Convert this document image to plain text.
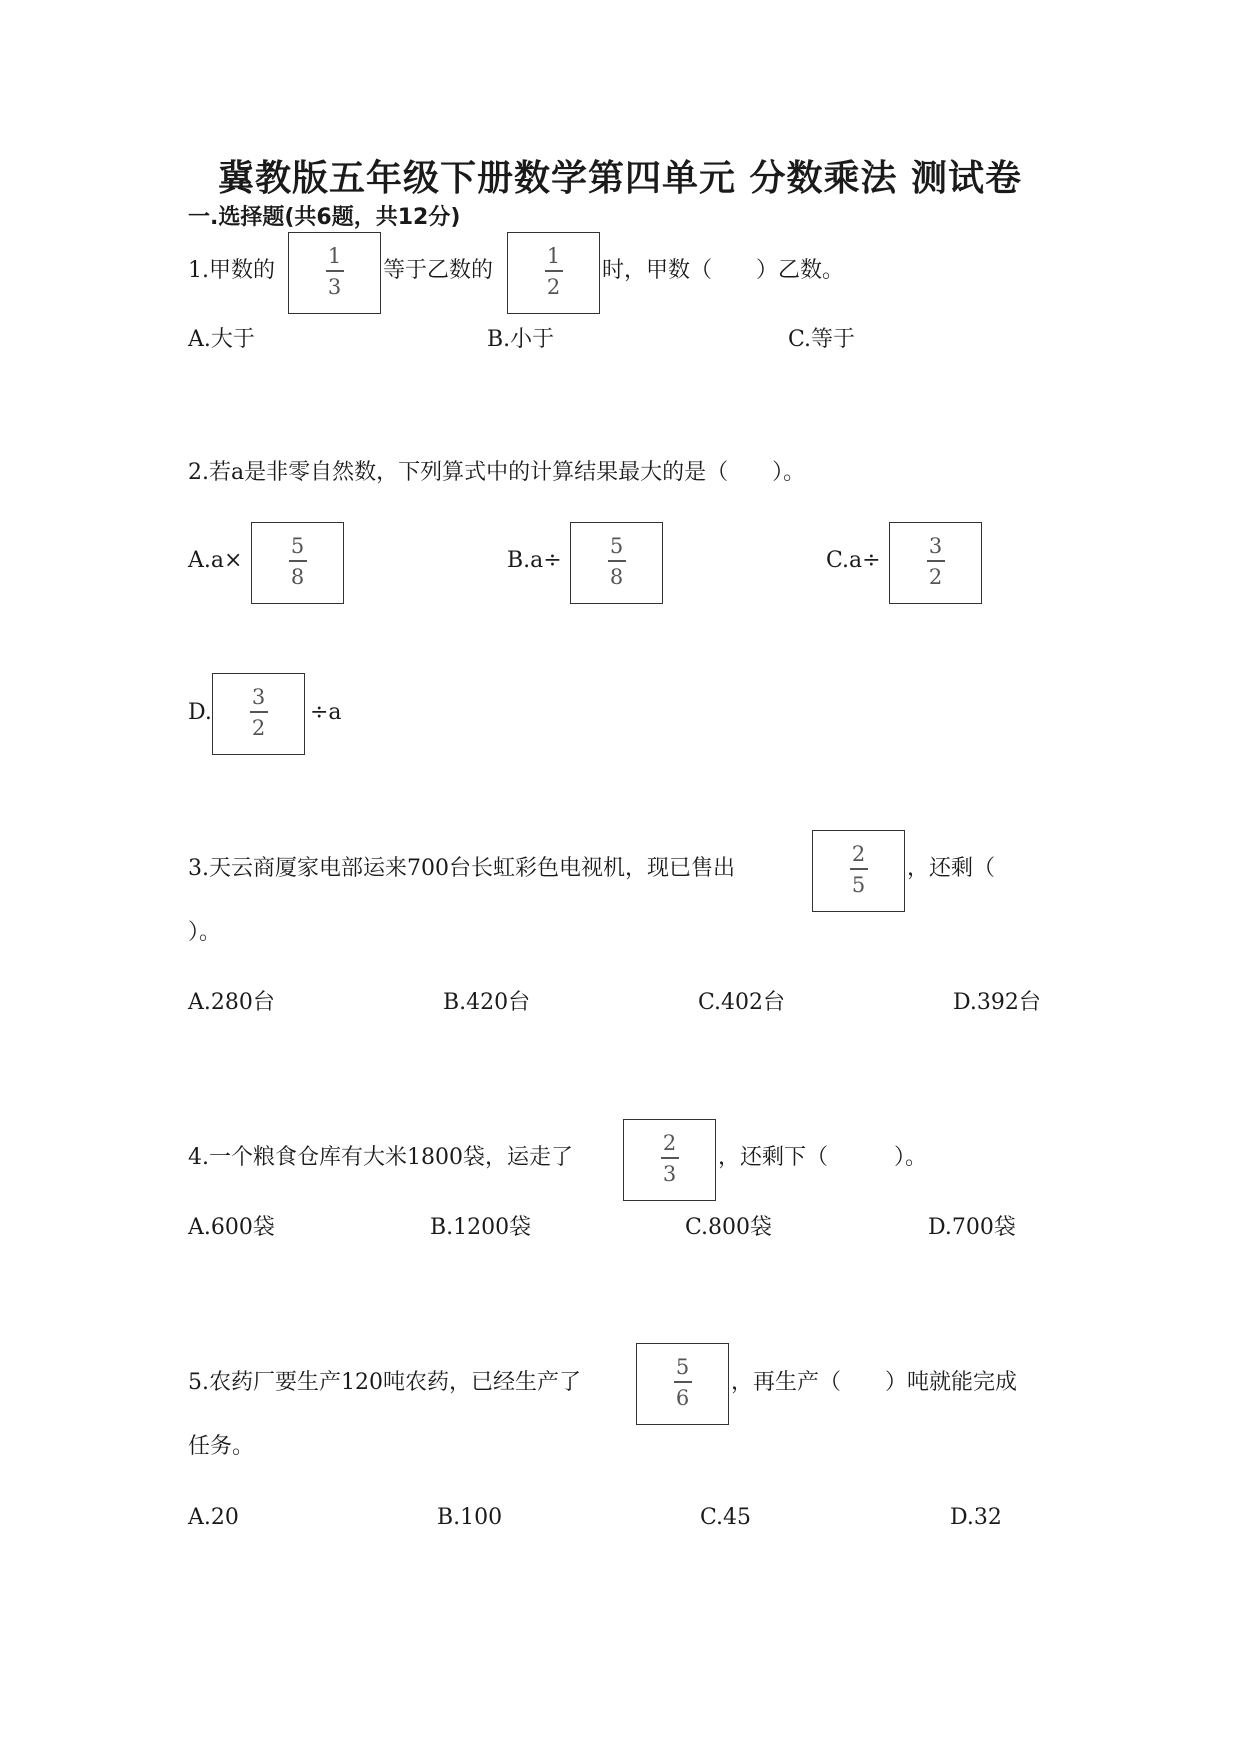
冀教版五年级下册数学第四单元 分数乘法 测试卷
一.选择题(共6题，共12分)
1.甲数的
1
3
等于乙数的
1
2
时，甲数（　　）乙数。
A.大于	B.小于	C.等于
2.若a是非零自然数，下列算式中的计算结果最大的是（　　）。
A.a×
5
8
B.a÷
5
8
C.a÷
3
2
D.
3
2
÷a
3.天云商厦家电部运来700台长虹彩色电视机，现已售出
2
5
，还剩（
）。
A.280台	B.420台	C.402台	D.392台
4.一个粮食仓库有大米1800袋，运走了
2
3
，还剩下（　　　）。
A.600袋	B.1200袋	C.800袋	D.700袋
5.农药厂要生产120吨农药，已经生产了
5
6
，再生产（　　）吨就能完成
任务。
A.20	B.100	C.45	D.32
